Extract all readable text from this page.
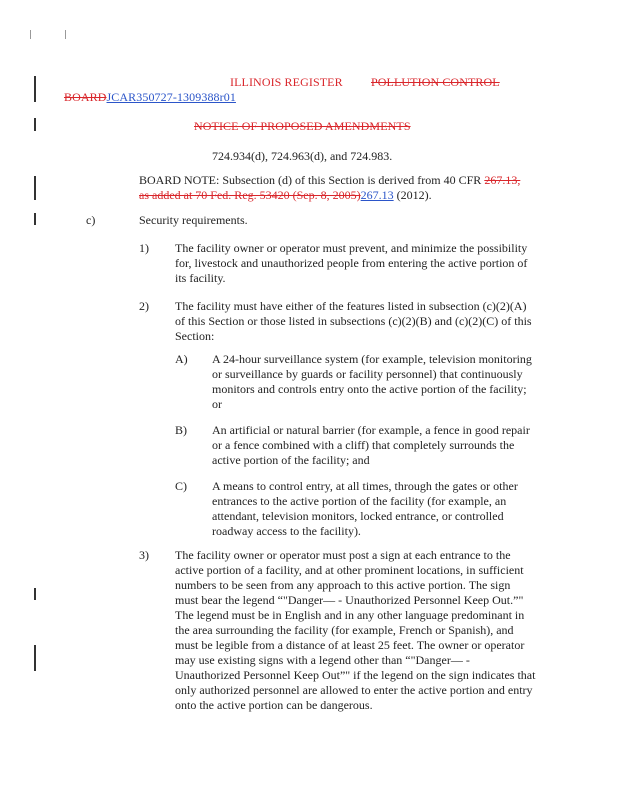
ILLINOIS REGISTER POLLUTION CONTROL
BOARDJCAR350727-1309388r01
NOTICE OF PROPOSED AMENDMENTS
724.934(d), 724.963(d), and 724.983.
BOARD NOTE: Subsection (d) of this Section is derived from 40 CFR 267.13,
as added at 70 Fed. Reg. 53420 (Sep. 8, 2005)267.13 (2012).
c)	Security requirements.
1) The facility owner or operator must prevent, and minimize the possibility
for, livestock and unauthorized people from entering the active portion of
its facility.
2) The facility must have either of the features listed in subsection (c)(2)(A)
of this Section or those listed in subsections (c)(2)(B) and (c)(2)(C) of this
Section:
A) A 24-hour surveillance system (for example, television monitoring
or surveillance by guards or facility personnel) that continuously
monitors and controls entry onto the active portion of the facility;
or
B) An artificial or natural barrier (for example, a fence in good repair
or a fence combined with a cliff) that completely surrounds the
active portion of the facility; and
C) A means to control entry, at all times, through the gates or other
entrances to the active portion of the facility (for example, an
attendant, television monitors, locked entrance, or controlled
roadway access to the facility).
3) The facility owner or operator must post a sign at each entrance to the
active portion of a facility, and at other prominent locations, in sufficient
numbers to be seen from any approach to this active portion. The sign
must bear the legend “"Danger— - Unauthorized Personnel Keep Out.”"
The legend must be in English and in any other language predominant in
the area surrounding the facility (for example, French or Spanish), and
must be legible from a distance of at least 25 feet. The owner or operator
may use existing signs with a legend other than “"Danger— -
Unauthorized Personnel Keep Out”" if the legend on the sign indicates that
only authorized personnel are allowed to enter the active portion and entry
onto the active portion can be dangerous.
